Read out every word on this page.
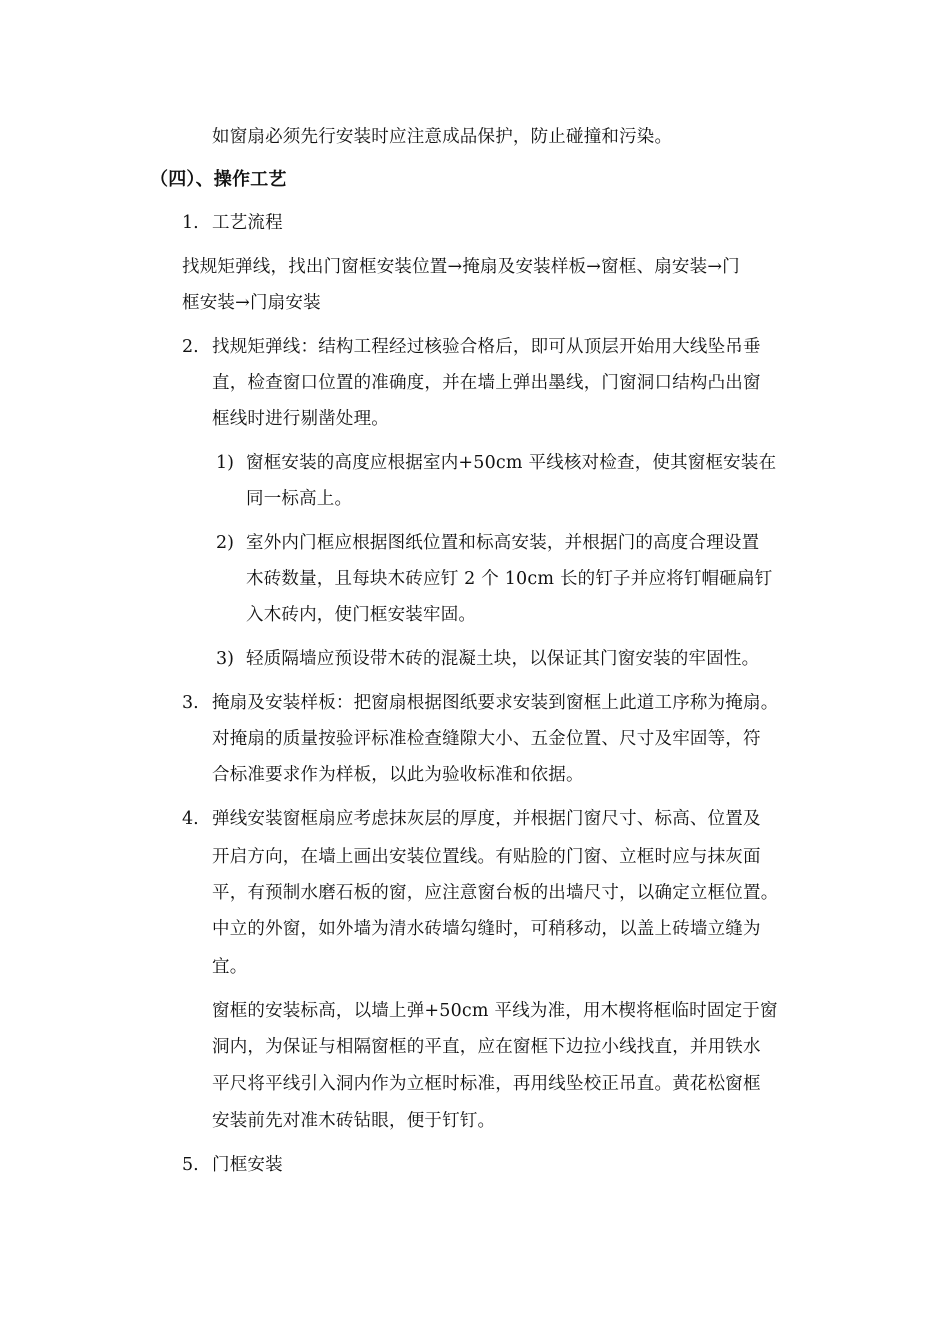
如窗扇必须先行安装时应注意成品保护，防止碰撞和污染。
（四）、操作工艺
1. 工艺流程
找规矩弹线，找出门窗框安装位置→掩扇及安装样板→窗框、扇安装→门
框安装→门扇安装
2. 找规矩弹线：结构工程经过核验合格后，即可从顶层开始用大线坠吊垂
直，检查窗口位置的准确度，并在墙上弹出墨线，门窗洞口结构凸出窗
框线时进行剔凿处理。
1) 窗框安装的高度应根据室内+50cm 平线核对检查，使其窗框安装在
同一标高上。
2) 室外内门框应根据图纸位置和标高安装，并根据门的高度合理设置
木砖数量，且每块木砖应钉 2 个 10cm 长的钉子并应将钉帽砸扁钉
入木砖内，使门框安装牢固。
3) 轻质隔墙应预设带木砖的混凝土块，以保证其门窗安装的牢固性。
3. 掩扇及安装样板：把窗扇根据图纸要求安装到窗框上此道工序称为掩扇。
对掩扇的质量按验评标准检查缝隙大小、五金位置、尺寸及牢固等，符
合标准要求作为样板，以此为验收标准和依据。
4. 弹线安装窗框扇应考虑抹灰层的厚度，并根据门窗尺寸、标高、位置及
开启方向，在墙上画出安装位置线。有贴脸的门窗、立框时应与抹灰面
平，有预制水磨石板的窗，应注意窗台板的出墙尺寸，以确定立框位置。
中立的外窗，如外墙为清水砖墙勾缝时，可稍移动，以盖上砖墙立缝为
宜。
窗框的安装标高，以墙上弹+50cm 平线为准，用木楔将框临时固定于窗
洞内，为保证与相隔窗框的平直，应在窗框下边拉小线找直，并用铁水
平尺将平线引入洞内作为立框时标准，再用线坠校正吊直。黄花松窗框
安装前先对准木砖钻眼，便于钉钉。
5. 门框安装
